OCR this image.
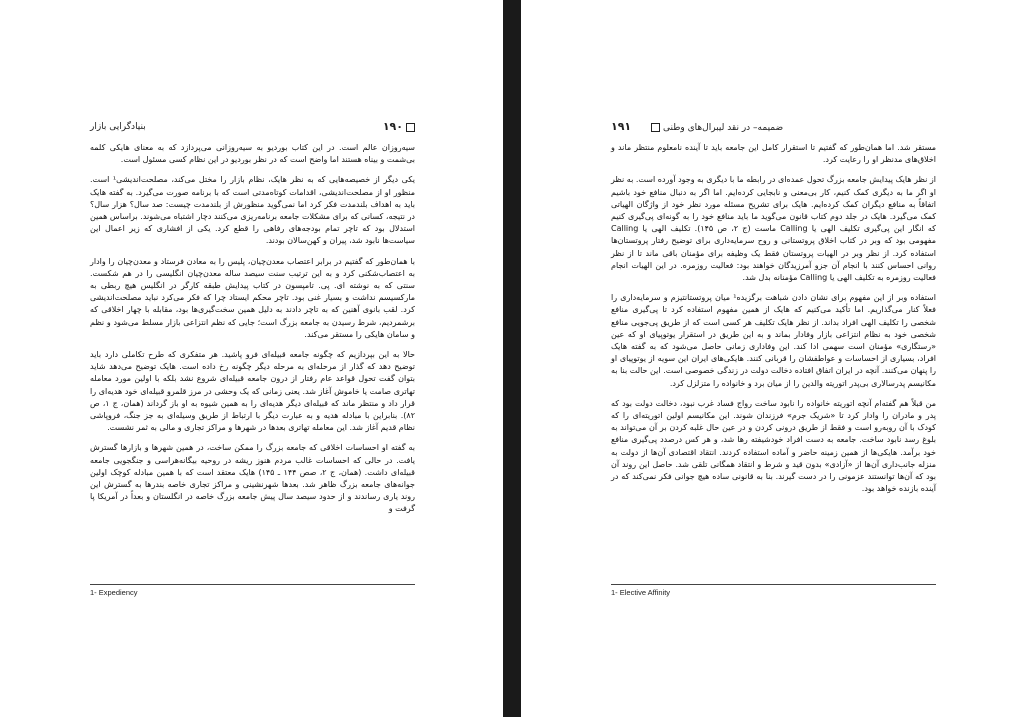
بنیادگرایی بازار	۱۹۰

سیه‌روزان عالم است. در این کتاب بوردیو به سیه‌روزانی می‌پردازد که به معنای هایکی کلمه بی‌شمت و بیناه هستند اما واضح است که در نظر بوردیو در این نظام کسی مسئول است.

یکی دیگر از خصیصه‌هایی که به نظر هایک، نظام بازار را مختل می‌کند، مصلحت‌اندیشی¹ است. منظور او از مصلحت‌اندیشی، اقدامات کوتاه‌مدتی است که با برنامه صورت می‌گیرد. به گفته هایک باید به اهداف بلندمدت فکر کرد اما نمی‌گوید منظورش از بلندمدت چیست: صد سال؟ هزار سال؟ در نتیجه، کسانی که برای مشکلات جامعه برنامه‌ریزی می‌کنند دچار اشتباه می‌شوند. براساس همین استدلال بود که تاچر تمام بودجه‌های رفاهی را قطع کرد. یکی از افشاری که زیر اعمال این سیاست‌ها نابود شد، پیران و کهن‌سالان بودند.

با همان‌طور که گفتیم در برابر اعتصاب معدن‌چیان، پلیس را به معادن فرستاد و معدن‌چیان را وادار به اعتصاب‌شکنی کرد و به این ترتیب سنت سیصد ساله معدن‌چیان انگلیسی را در هم شکست. سنتی که به نوشته ای. پی. تامپسون در کتاب پیدایش طبقه کارگر در انگلیس هیچ ربطی به مارکسیسم نداشت و بسیار غنی بود. تاچر محکم ایستاد چرا که فکر می‌کرد نباید مصلحت‌اندیشی کرد. لقب بانوی آهنین که به تاچر دادند به دلیل همین سخت‌گیری‌ها بود، مقابله با چهار اخلاقی که برشمردیم، شرط رسیدن به جامعه بزرگ است؛ جایی که نظم انتزاعی بازار مسلط می‌شود و نظم و سامان هایکی را مستقر می‌کند.

حالا به این بپردازیم که چگونه جامعه قبیله‌ای فرو پاشید. هر متفکری که طرح تکاملی دارد باید توضیح دهد که گذار از مرحله‌ای به مرحله دیگر چگونه رخ داده است. هایک توضیح می‌دهد شاید بتوان گفت تحول قواعد عام رفتار از درون جامعه قبیله‌ای شروع نشد بلکه با اولین مورد معامله تهاتری صامت یا خاموش آغاز شد. یعنی زمانی که یک وحشی در مرز قلمرو قبیله‌ای خود هدیه‌ای را قرار داد و منتظر ماند که قبیله‌ای دیگر هدیه‌ای را به همین شیوه به او باز گرداند (همان، ج ۱، ص ۸۲). بنابراین با مبادله هدیه و به عبارت دیگر با ارتباط از طریق وسیله‌ای به جز جنگ، فروپاشی نظام قدیم آغاز شد. این معامله تهاتری بعدها در شهرها و مراکز تجاری و مالی به ثمر نشست.

به گفته او احساسات اخلاقی که جامعه بزرگ را ممکن ساخت، در همین شهرها و بازارها گسترش یافت. در حالی که احساسات غالب مردم هنوز ریشه در روحیه بیگانه‌هراسی و جنگجویی جامعه قبیله‌ای داشت. (همان، ج ۲، صص ۱۴۴ ـ ۱۴۵) هایک معتقد است که با همین مبادله کوچک اولین جوانه‌های جامعه بزرگ ظاهر شد. بعدها شهرنشینی و مراکز تجاری خاصه بندرها به گسترش این روند یاری رساندند و از حدود سیصد سال پیش جامعه بزرگ خاصه در انگلستان و بعداً در آمریکا پا گرفت و

1- Expediency
۱۹۱	ضمیمه– در نقد لیبرال‌های وطنی

مستقر شد. اما همان‌طور که گفتیم تا استقرار کامل این جامعه باید تا آینده نامعلوم منتظر ماند و اخلاق‌های مدنظر او را رعایت کرد.

از نظر هایک پیدایش جامعه بزرگ تحول عمده‌ای در رابطه ما با دیگری به وجود آورده است. به نظر او اگر ما به دیگری کمک کنیم، کار بی‌معنی و نابجایی کرده‌ایم. اما اگر به دنبال منافع خود باشیم اتفاقاً به منافع دیگران کمک کرده‌ایم. هایک برای تشریح مسئله مورد نظر خود از واژگان الهیاتی کمک می‌گیرد. هایک در جلد دوم کتاب قانون می‌گوید ما باید منافع خود را به گونه‌ای پی‌گیری کنیم که انگار این پی‌گیری تکلیف الهی یا Calling ماست (ج ۲، ص ۱۴۵). تکلیف الهی یا Calling مفهومی بود که وبر در کتاب اخلاق پروتستانی و روح سرمایه‌داری برای توضیح رفتار پروتستان‌ها استفاده کرد. از نظر وبر در الهیات پروتستان فقط یک وظیفه برای مؤمنان باقی ماند تا از نظر روانی احساس کنند با انجام آن جزو آمرزیدگان خواهند بود: فعالیت روزمره. در این الهیات انجام فعالیت روزمره به تکلیف الهی یا Calling مؤمنانه بدل شد.

استفاده وبر از این مفهوم برای نشان دادن شباهت برگزیده¹ میان پروتستانتیزم و سرمایه‌داری را فعلاً کنار می‌گذاریم. اما تأکید می‌کنیم که هایک از همین مفهوم استفاده کرد تا پی‌گیری منافع شخصی را تکلیف الهی افراد بداند. از نظر هایک تکلیف هر کسی است که از طریق پی‌جویی منافع شخصی خود به نظام انتزاعی بازار وفادار بماند و به این طریق در استقرار یوتوپیای او که عین «رستگاری» مؤمنان است سهمی ادا کند. این وفاداری زمانی حاصل می‌شود که به گفته هایک افراد، بسیاری از احساسات و عواطفشان را قربانی کنند. هایکی‌های ایران این سویه از یوتوپیای او را پنهان می‌کنند. آنچه در ایران اتفاق افتاده دخالت دولت در زندگی خصوصی است. این حالت بنا به مکانیسم پدرسالاری بی‌پدر اتوریته والدین را از میان برد و خانواده را متزلزل کرد.

من قبلاً هم گفته‌ام آنچه اتوریته خانواده را نابود ساخت رواج فساد غرب نبود، دخالت دولت بود که پدر و مادران را وادار کرد تا «شریک جرم» فرزندان شوند. این مکانیسم اولین اتوریته‌ای را که کودک با آن روبه‌رو است و فقط از طریق درونی کردن و در عین حال غلبه کردن بر آن می‌تواند به بلوغ رسد نابود ساخت. جامعه به دست افراد خودشیفته رها شد، و هر کس درصدد پی‌گیری منافع خود برآمد. هایکی‌ها از همین زمینه حاضر و آماده استفاده کردند. انتقاد اقتصادی آن‌ها از دولت به منزله جانب‌داری آن‌ها از «آزادی» بدون قید و شرط و انتقاد همگانی تلقی شد. حاصل این روند آن بود که آن‌ها توانستند عزمونی را در دست گیرند. بنا به قانونی ساده هیچ جوانی فکر نمی‌کند که در آینده بازنده خواهد بود.

1- Elective Affinity
